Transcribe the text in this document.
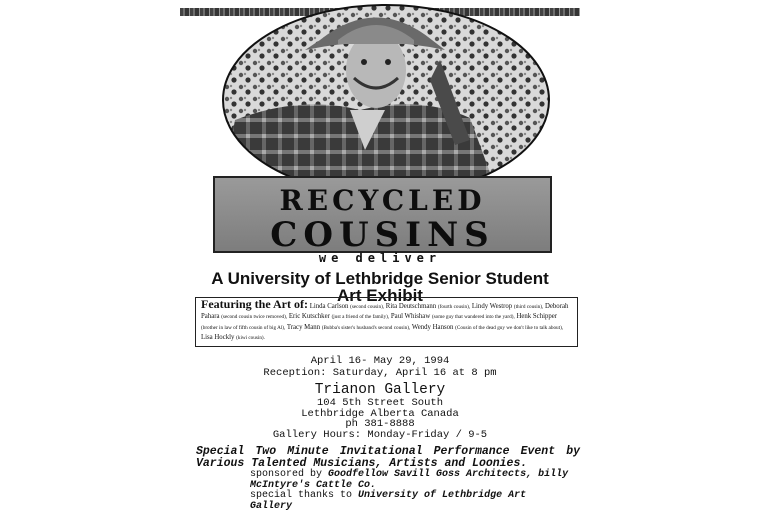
RECYCLED
COUSINS
we deliver
A University of Lethbridge Senior Student Art Exhibit
Featuring the Art of: Linda Carlson (second cousin), Rita Deutschmann (fourth cousin), Lindy Westrop (third cousin), Deborah Pahara (second cousin twice removed), Eric Kutschker (just a friend of the family), Paul Whishaw (some guy that wandered into the yard), Henk Schipper (brother in law of fifth cousin of big Al), Tracy Mann (Bubba's sister's husband's second cousin), Wendy Hanson (Cousin of the dead guy we don't like to talk about), Lisa Hockly (kiwi cousin).
April 16- May 29, 1994
Reception: Saturday, April 16 at 8 pm
Trianon Gallery
104 5th Street South
Lethbridge Alberta Canada
ph 381-8888
Gallery Hours: Monday-Friday / 9-5
Special Two Minute Invitational Performance Event by Various Talented Musicians, Artists and Loonies.
sponsored by Goodfellow Savill Goss Architects, billy McIntyre's Cattle Co.
special thanks to University of Lethbridge Art Gallery
